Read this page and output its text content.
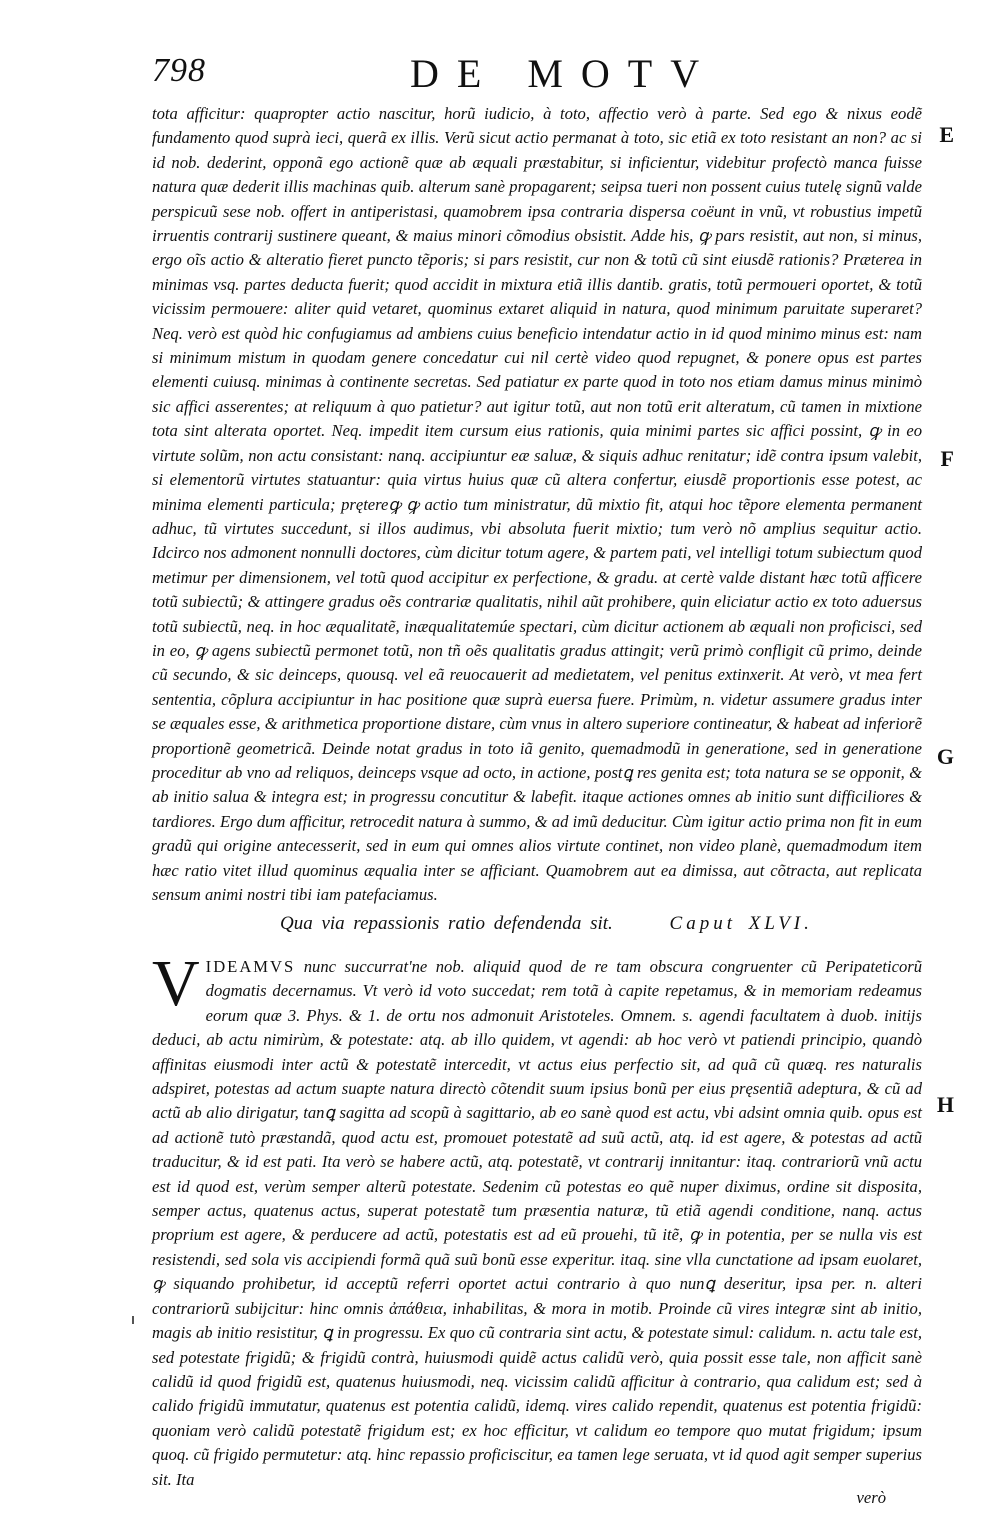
798	DE MOTV

tota afficitur: quapropter actio nascitur, horũ iudicio, à toto, affectio verò à parte. Sed ego & nixus eodẽ fundamento quod suprà ieci, querã ex illis. Verũ sicut actio permanat à toto, sic etiã ex toto resistant an non? ac si id nob. dederint, opponã ego actionẽ quæ ab æquali præstabitur, si inficientur, videbitur profectò manca fuisse natura quæ dederit illis machinas quib. alterum sanè propagarent; seipsa tueri non possent cuius tutelę signũ valde perspicuũ sese nob. offert in antiperistasi, quamobrem ipsa contraria dispersa coëunt in vnũ, vt robustius impetũ irruentis contrarij sustinere queant, & maius minori cõmodius obsistit. Adde his, ꝙ pars resistit, aut non, si minus, ergo oĩs actio & alteratio fieret puncto tẽporis; si pars resistit, cur non & totũ cũ sint eiusdẽ rationis? Præterea in minimas vsq. partes deducta fuerit; quod accidit in mixtura etiã illis dantib. gratis, totũ permoueri oportet, & totũ vicissim permouere: aliter quid vetaret, quominus extaret aliquid in natura, quod minimum paruitate superaret? Neq. verò est quòd hic confugiamus ad ambiens cuius beneficio intendatur actio in id quod minimo minus est: nam si minimum mistum in quodam genere concedatur cui nil certè video quod repugnet, & ponere opus est partes elementi cuiusq. minimas à continente secretas. Sed patiatur ex parte quod in toto nos etiam damus minus minimò sic affici asserentes; at reliquum à quo patietur? aut igitur totũ, aut non totũ erit alteratum, cũ tamen in mixtione tota sint alterata oportet. Neq. impedit item cursum eius rationis, quia minimi partes sic affici possint, ꝙ in eo virtute solũm, non actu consistant: nanq. accipiuntur eæ saluæ, & siquis adhuc renitatur; idẽ contra ipsum valebit, si elementorũ virtutes statuantur: quia virtus huius quæ cũ altera confertur, eiusdẽ proportionis esse potest, ac minima elementi particula; prętereꝙ ꝙ actio tum ministratur, dũ mixtio fit, atqui hoc tẽpore elementa permanent adhuc, tũ virtutes succedunt, si illos audimus, vbi absoluta fuerit mixtio; tum verò nõ amplius sequitur actio. Idcirco nos admonent nonnulli doctores, cùm dicitur totum agere, & partem pati, vel intelligi totum subiectum quod metimur per dimensionem, vel totũ quod accipitur ex perfectione, & gradu. at certè valde distant hæc totũ afficere totũ subiectũ; & attingere gradus oẽs contrariæ qualitatis, nihil aũt prohibere, quin eliciatur actio ex toto aduersus totũ subiectũ, neq. in hoc æqualitatẽ, inæqualitatemúe spectari, cùm dicitur actionem ab æquali non proficisci, sed in eo, ꝙ agens subiectũ permonet totũ, non tñ oẽs qualitatis gradus attingit; verũ primò confligit cũ primo, deinde cũ secundo, & sic deinceps, quousq. vel eã reuocauerit ad medietatem, vel penitus extinxerit. At verò, vt mea fert sententia, cõplura accipiuntur in hac positione quæ suprà euersa fuere. Primùm, n. videtur assumere gradus inter se æquales esse, & arithmetica proportione distare, cùm vnus in altero superiore contineatur, & habeat ad inferiorẽ proportionẽ geometricã. Deinde notat gradus in toto iã genito, quemadmodũ in generatione, sed in generatione proceditur ab vno ad reliquos, deinceps vsque ad octo, in actione, postꝗ res genita est; tota natura se se opponit, & ab initio salua & integra est; in progressu concutitur & labefit. itaque actiones omnes ab initio sunt difficiliores & tardiores. Ergo dum afficitur, retrocedit natura à summo, & ad imũ deducitur. Cùm igitur actio prima non fit in eum gradũ qui origine antecesserit, sed in eum qui omnes alios virtute continet, non video planè, quemadmodum item hæc ratio vitet illud quominus æqualia inter se afficiant. Quamobrem aut ea dimissa, aut cõtracta, aut replicata sensum animi nostri tibi iam patefaciamus.

Qua via repassionis ratio defendenda sit.	Caput XLVI.
V IDEAMVS nunc succurrat'ne nob. aliquid quod de re tam obscura congruenter cũ Peripateticorũ dogmatis decernamus. Vt verò id voto succedat; rem totã à capite repetamus, & in memoriam redeamus eorum quæ 3. Phys. & 1. de ortu nos admonuit Aristoteles. Omnem. s. agendi facultatem à duob. initijs deduci, ab actu nimirùm, & potestate: atq. ab illo quidem, vt agendi: ab hoc verò vt patiendi principio, quandò affinitas eiusmodi inter actũ & potestatẽ intercedit, vt actus eius perfectio sit, ad quã cũ quæq. res naturalis adspiret, potestas ad actum suapte natura directò cõtendit suum ipsius bonũ per eius pręsentiã adeptura, & cũ ad actũ ab alio dirigatur, tanꝗ sagitta ad scopũ à sagittario, ab eo sanè quod est actu, vbi adsint omnia quib. opus est ad actionẽ tutò præstandã, quod actu est, promouet potestatẽ ad suũ actũ, atq. id est agere, & potestas ad actũ traducitur, & id est pati. Ita verò se habere actũ, atq. potestatẽ, vt contrarij innitantur: itaq. contrariorũ vnũ actu est id quod est, verùm semper alterũ potestate. Sedenim cũ potestas eo quẽ nuper diximus, ordine sit disposita, semper actus, quatenus actus, superat potestatẽ tum præsentia naturæ, tũ etiã agendi conditione, nanq. actus proprium est agere, & perducere ad actũ, potestatis est ad eũ prouehi, tũ itẽ, ꝙ in potentia, per se nulla vis est resistendi, sed sola vis accipiendi formã quã suũ bonũ esse experitur. itaq. sine vlla cunctatione ad ipsam euolaret, ꝙ siquando prohibetur, id acceptũ referri oportet actui contrario à quo nunꝗ deseritur, ipsa per. n. alteri contrariorũ subijcitur: hinc omnis ἀπάθεια, inhabilitas, & mora in motib. Proinde cũ vires integræ sint ab initio, magis ab initio resistitur, ꝗ in progressu. Ex quo cũ contraria sint actu, & potestate simul: calidum. n. actu tale est, sed potestate frigidũ; & frigidũ contrà, huiusmodi quidẽ actus calidũ verò, quia possit esse tale, non afficit sanè calidũ id quod frigidũ est, quatenus huiusmodi, neq. vicissim calidũ afficitur à contrario, qua calidum est; sed à calido frigidũ immutatur, quatenus est potentia calidũ, idemq. vires calido rependit, quatenus est potentia frigidũ: quoniam verò calidũ potestatẽ frigidum est; ex hoc efficitur, vt calidum eo tempore quo mutat frigidum; ipsum quoq. cũ frigido permutetur: atq. hinc repassio proficiscitur, ea tamen lege seruata, vt id quod agit semper superius sit. Ita

E
F
G
H
verò
